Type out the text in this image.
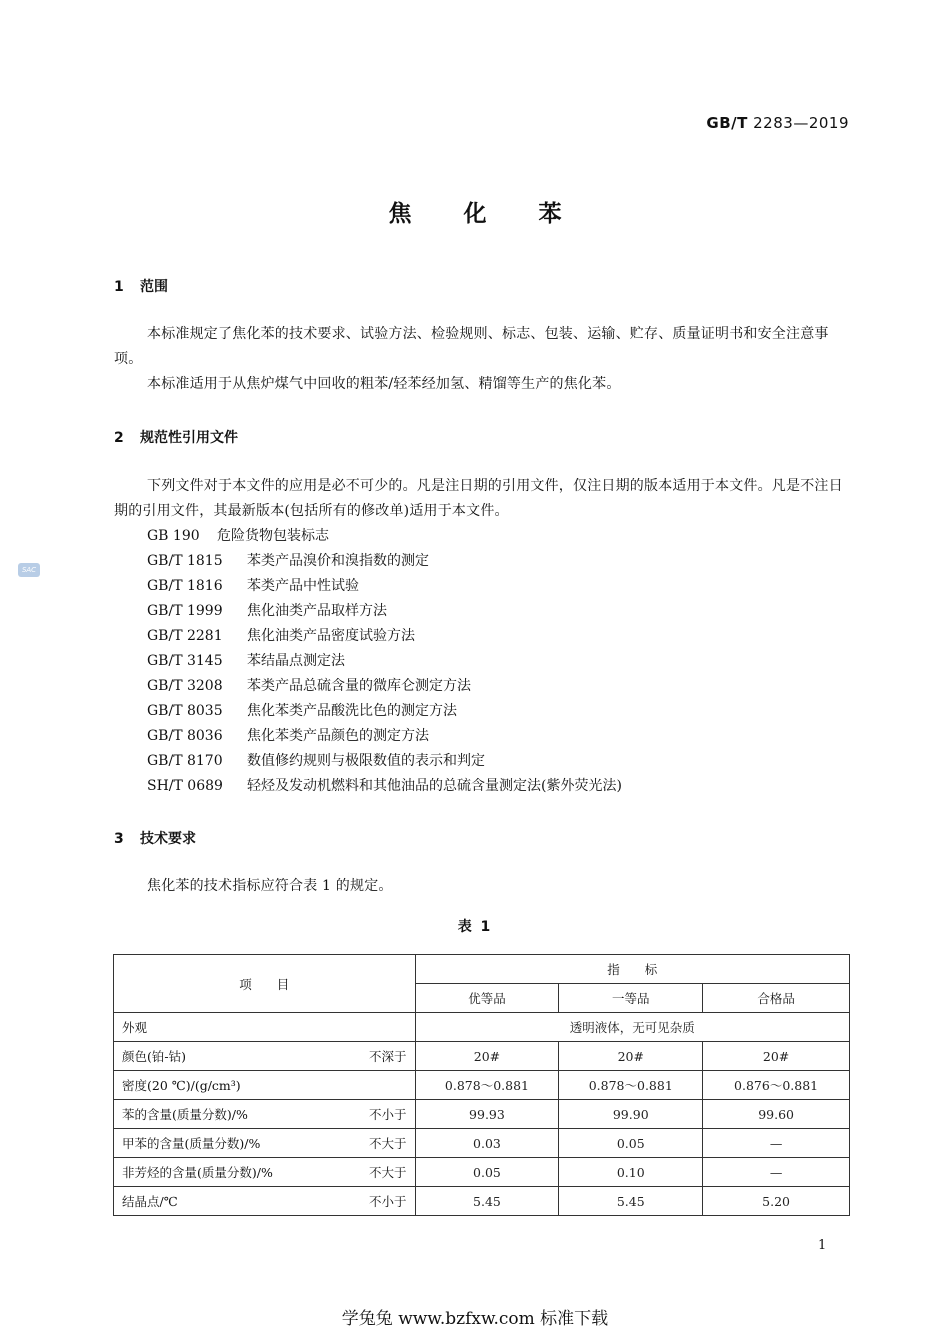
GB/T 2283—2019
SAC
焦化苯
1 范围
本标准规定了焦化苯的技术要求、试验方法、检验规则、标志、包装、运输、贮存、质量证明书和安全注意事项。
本标准适用于从焦炉煤气中回收的粗苯/轻苯经加氢、精馏等生产的焦化苯。
2 规范性引用文件
下列文件对于本文件的应用是必不可少的。凡是注日期的引用文件，仅注日期的版本适用于本文件。凡是不注日期的引用文件，其最新版本(包括所有的修改单)适用于本文件。
GB 190 危险货物包装标志
GB/T 1815 苯类产品溴价和溴指数的测定
GB/T 1816 苯类产品中性试验
GB/T 1999 焦化油类产品取样方法
GB/T 2281 焦化油类产品密度试验方法
GB/T 3145 苯结晶点测定法
GB/T 3208 苯类产品总硫含量的微库仑测定方法
GB/T 8035 焦化苯类产品酸洗比色的测定方法
GB/T 8036 焦化苯类产品颜色的测定方法
GB/T 8170 数值修约规则与极限数值的表示和判定
SH/T 0689 轻烃及发动机燃料和其他油品的总硫含量测定法(紫外荧光法)
3 技术要求
焦化苯的技术指标应符合表 1 的规定。
表 1
项　　目	指　　标		
	优等品	一等品	合格品
外观	透明液体，无可见杂质		

颜色(铂-钴) 不深于	20#	20#	20#

密度(20 ℃)/(g/cm³)	0.878～0.881	0.878～0.881	0.876～0.881

苯的含量(质量分数)/% 不小于	99.93	99.90	99.60

甲苯的含量(质量分数)/% 不大于	0.03	0.05	—

非芳烃的含量(质量分数)/% 不大于	0.05	0.10	—

结晶点/℃ 不小于	5.45	5.45	5.20
1
学兔兔 www.bzfxw.com 标准下载
